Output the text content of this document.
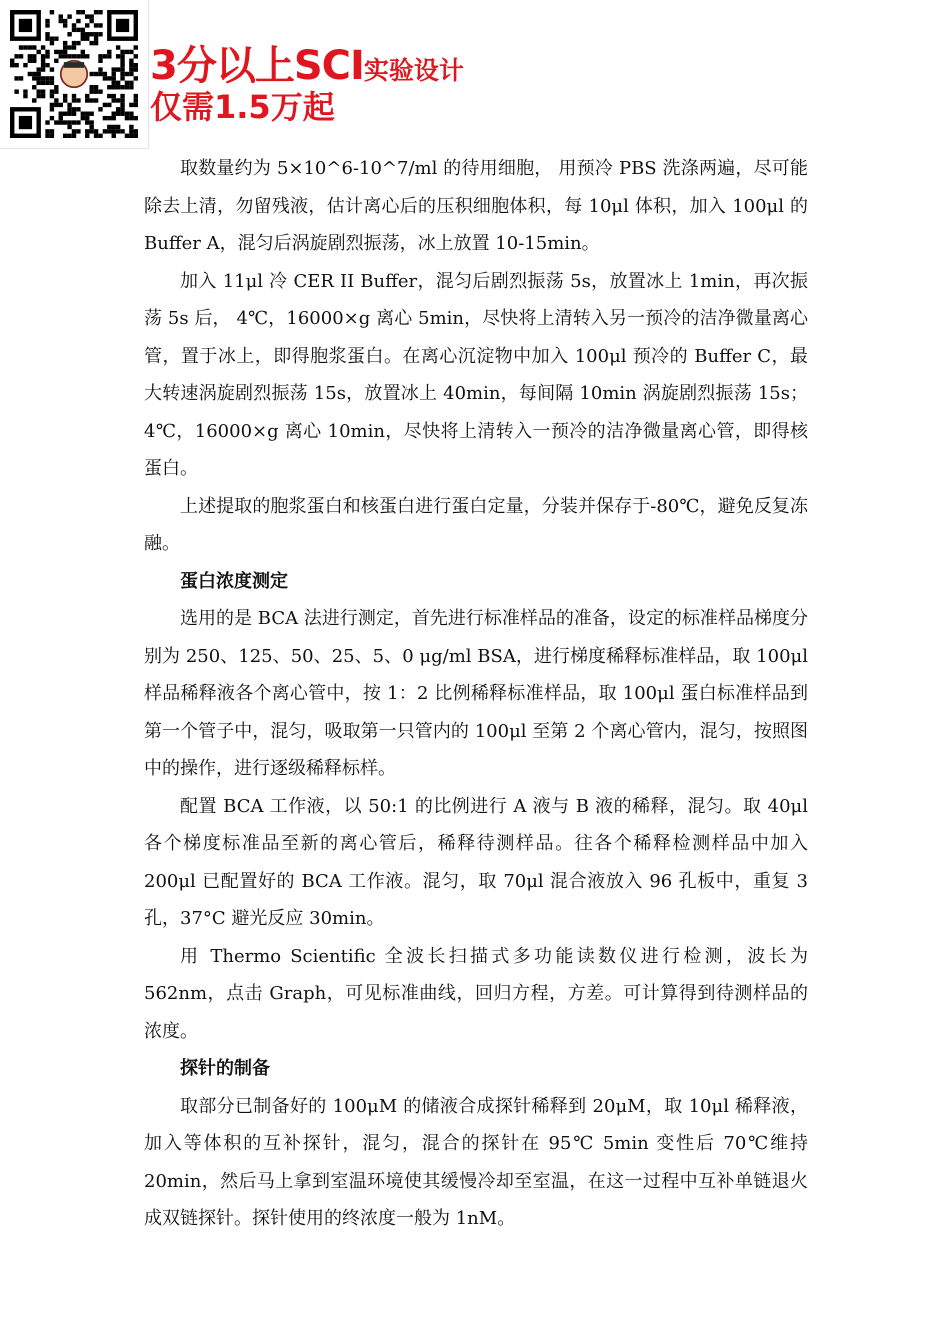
3分以上SCI实验设计
仅需1.5万起

取数量约为 5×10^6-10^7/ml 的待用细胞， 用预冷 PBS 洗涤两遍，尽可能除去上清，勿留残液，估计离心后的压积细胞体积，每 10μl 体积，加入 100μl 的 Buffer A，混匀后涡旋剧烈振荡，冰上放置 10-15min。

加入 11μl 冷 CER II Buffer，混匀后剧烈振荡 5s，放置冰上 1min，再次振荡 5s 后， 4℃，16000×g 离心 5min，尽快将上清转入另一预冷的洁净微量离心管，置于冰上，即得胞浆蛋白。在离心沉淀物中加入 100μl 预冷的 Buffer C，最大转速涡旋剧烈振荡 15s，放置冰上 40min，每间隔 10min 涡旋剧烈振荡 15s；4℃，16000×g 离心 10min，尽快将上清转入一预冷的洁净微量离心管，即得核蛋白。

上述提取的胞浆蛋白和核蛋白进行蛋白定量，分装并保存于-80℃，避免反复冻融。

蛋白浓度测定

选用的是 BCA 法进行测定，首先进行标准样品的准备，设定的标准样品梯度分别为 250、125、50、25、5、0 μg/ml BSA，进行梯度稀释标准样品，取 100μl 样品稀释液各个离心管中，按 1：2 比例稀释标准样品，取 100μl 蛋白标准样品到第一个管子中，混匀，吸取第一只管内的 100μl 至第 2 个离心管内，混匀，按照图中的操作，进行逐级稀释标样。

配置 BCA 工作液，以 50:1 的比例进行 A 液与 B 液的稀释，混匀。取 40μl 各个梯度标准品至新的离心管后，稀释待测样品。往各个稀释检测样品中加入 200μl 已配置好的 BCA 工作液。混匀，取 70μl 混合液放入 96 孔板中，重复 3 孔，37°C 避光反应 30min。

用 Thermo Scientific 全波长扫描式多功能读数仪进行检测，波长为 562nm，点击 Graph，可见标准曲线，回归方程，方差。可计算得到待测样品的浓度。

探针的制备

取部分已制备好的 100μM 的储液合成探针稀释到 20μM，取 10μl 稀释液，加入等体积的互补探针，混匀，混合的探针在 95℃ 5min 变性后 70℃维持 20min，然后马上拿到室温环境使其缓慢冷却至室温，在这一过程中互补单链退火成双链探针。探针使用的终浓度一般为 1nM。
